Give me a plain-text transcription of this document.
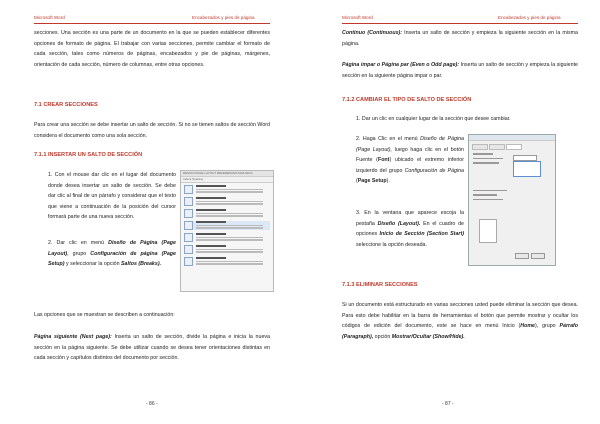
Microsoft Word	Encabezados y pies de página

secciones. Una sección es una parte de un documento en la que se pueden establecer diferentes opciones de formato de página. El trabajar con varias secciones, permite cambiar el formato de cada sección, tales como números de páginas, encabezados y pie de páginas, márgenes, orientación de cada sección, número de columnas, entre otras opciones.

7.1 CREAR SECCIONES

Para crear una sección se debe insertar un salto de sección. Si no se tienen saltos de sección Word considera el documento como una sola sección.

7.1.1 INSERTAR UN SALTO DE SECCIÓN

1. Con el mouse dar clic en el lugar del documento donde desea insertar un salto de sección. Se debe dar clic al final de un párrafo y considerar que el texto que viene a continuación de la posición del cursor formará parte de una nueva sección.

2. Dar clic en menú Diseño de Página (Page Layout), grupo Configuración de página (Page Setup) y seleccionar la opción Saltos (Breaks).

DESIGN PAGE LAYOUT REFERENCES MAILINGS
Indent Spacing

Las opciones que se muestran se describen a continuación:

Página siguiente (Next page): Inserta un salto de sección, divide la página e inicia la nueva sección en la página siguiente. Se debe utilizar cuando se desea tener orientaciones distintas en cada sección y capítulos distintos del documento por sección.

- 86 -
Microsoft Word	Encabezados y pies de página

Continuo (Continuous): Inserta un salto de sección y empieza la siguiente sección en la misma página.

Página impar o Página par (Even o Odd page): Inserta un salto de sección y empieza la siguiente sección en la siguiente página impar o par.

7.1.2 CAMBIAR EL TIPO DE SALTO DE SECCIÓN

1. Dar un clic en cualquier lugar de la sección que desee cambiar.

2. Haga Clic en el menú Diseño de Página (Page Layout), luego haga clic en el botón Fuente (Font) ubicado el extremo inferior izquierdo del grupo Configuración de Página (Page Setup).

3. En la ventana que aparece escoja la pestaña Diseño (Layout). En el cuadro de opciones Inicio de Sección (Section Start) seleccione la opción deseada.

7.1.3 ELIMINAR SECCIONES

Si un documento está estructurado en varias secciones usted puede eliminar la sección que desea. Para esto debe habilitar en la barra de herramientas el botón que permite mostrar y ocultar los códigos de edición del documento, este se hace en menú Inicio (Home), grupo Párrafo (Paragraph), opción Mostrar/Ocultar (Show/Hide).

- 87 -
